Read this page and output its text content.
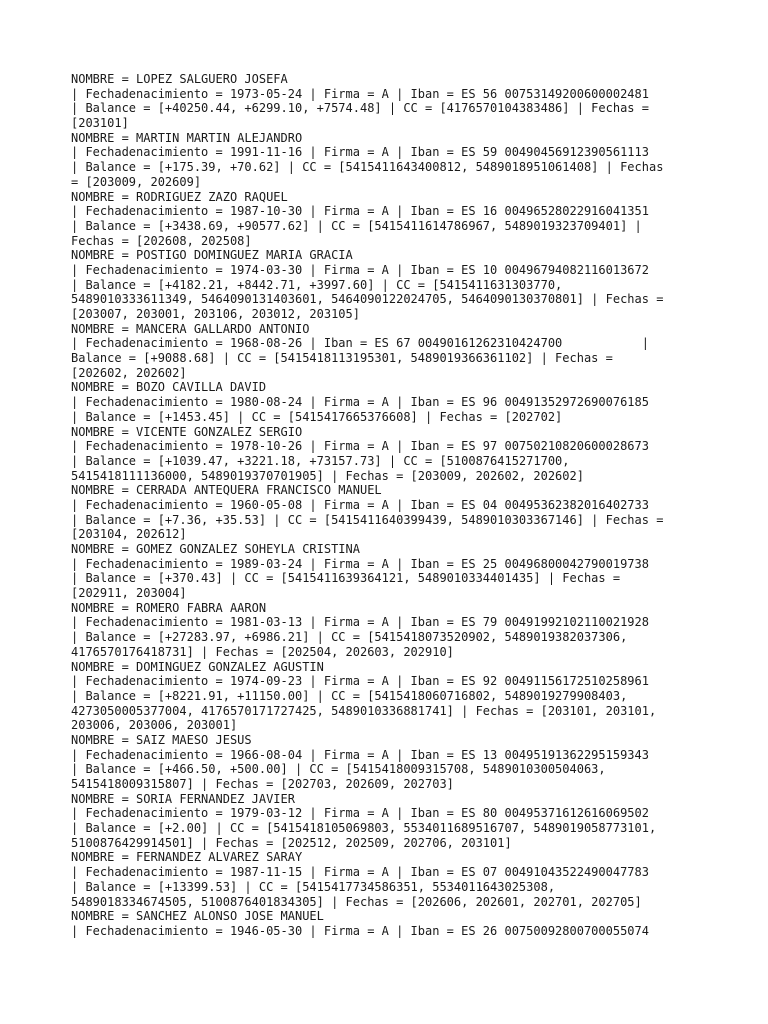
NOMBRE = LOPEZ SALGUERO JOSEFA
| Fechadenacimiento = 1973-05-24 | Firma = A | Iban = ES 56 00753149200600002481
| Balance = [+40250.44, +6299.10, +7574.48] | CC = [4176570104383486] | Fechas =
[203101]
NOMBRE = MARTIN MARTIN ALEJANDRO
| Fechadenacimiento = 1991-11-16 | Firma = A | Iban = ES 59 00490456912390561113
| Balance = [+175.39, +70.62] | CC = [5415411643400812, 5489018951061408] | Fechas
= [203009, 202609]
NOMBRE = RODRIGUEZ ZAZO RAQUEL
| Fechadenacimiento = 1987-10-30 | Firma = A | Iban = ES 16 00496528022916041351
| Balance = [+3438.69, +90577.62] | CC = [5415411614786967, 5489019323709401] |
Fechas = [202608, 202508]
NOMBRE = POSTIGO DOMINGUEZ MARIA GRACIA
| Fechadenacimiento = 1974-03-30 | Firma = A | Iban = ES 10 00496794082116013672
| Balance = [+4182.21, +8442.71, +3997.60] | CC = [5415411631303770,
5489010333611349, 5464090131403601, 5464090122024705, 5464090130370801] | Fechas =
[203007, 203001, 203106, 203012, 203105]
NOMBRE = MANCERA GALLARDO ANTONIO
| Fechadenacimiento = 1968-08-26 | Iban = ES 67 00490161262310424700           |
Balance = [+9088.68] | CC = [5415418113195301, 5489019366361102] | Fechas =
[202602, 202602]
NOMBRE = BOZO CAVILLA DAVID
| Fechadenacimiento = 1980-08-24 | Firma = A | Iban = ES 96 00491352972690076185
| Balance = [+1453.45] | CC = [5415417665376608] | Fechas = [202702]
NOMBRE = VICENTE GONZALEZ SERGIO
| Fechadenacimiento = 1978-10-26 | Firma = A | Iban = ES 97 00750210820600028673
| Balance = [+1039.47, +3221.18, +73157.73] | CC = [5100876415271700,
5415418111136000, 5489019370701905] | Fechas = [203009, 202602, 202602]
NOMBRE = CERRADA ANTEQUERA FRANCISCO MANUEL
| Fechadenacimiento = 1960-05-08 | Firma = A | Iban = ES 04 00495362382016402733
| Balance = [+7.36, +35.53] | CC = [5415411640399439, 5489010303367146] | Fechas =
[203104, 202612]
NOMBRE = GOMEZ GONZALEZ SOHEYLA CRISTINA
| Fechadenacimiento = 1989-03-24 | Firma = A | Iban = ES 25 00496800042790019738
| Balance = [+370.43] | CC = [5415411639364121, 5489010334401435] | Fechas =
[202911, 203004]
NOMBRE = ROMERO FABRA AARON
| Fechadenacimiento = 1981-03-13 | Firma = A | Iban = ES 79 00491992102110021928
| Balance = [+27283.97, +6986.21] | CC = [5415418073520902, 5489019382037306,
4176570176418731] | Fechas = [202504, 202603, 202910]
NOMBRE = DOMINGUEZ GONZALEZ AGUSTIN
| Fechadenacimiento = 1974-09-23 | Firma = A | Iban = ES 92 00491156172510258961
| Balance = [+8221.91, +11150.00] | CC = [5415418060716802, 5489019279908403,
4273050005377004, 4176570171727425, 5489010336881741] | Fechas = [203101, 203101,
203006, 203006, 203001]
NOMBRE = SAIZ MAESO JESUS
| Fechadenacimiento = 1966-08-04 | Firma = A | Iban = ES 13 00495191362295159343
| Balance = [+466.50, +500.00] | CC = [5415418009315708, 5489010300504063,
5415418009315807] | Fechas = [202703, 202609, 202703]
NOMBRE = SORIA FERNANDEZ JAVIER
| Fechadenacimiento = 1979-03-12 | Firma = A | Iban = ES 80 00495371612616069502
| Balance = [+2.00] | CC = [5415418105069803, 5534011689516707, 5489019058773101,
5100876429914501] | Fechas = [202512, 202509, 202706, 203101]
NOMBRE = FERNANDEZ ALVAREZ SARAY
| Fechadenacimiento = 1987-11-15 | Firma = A | Iban = ES 07 00491043522490047783
| Balance = [+13399.53] | CC = [5415417734586351, 5534011643025308,
5489018334674505, 5100876401834305] | Fechas = [202606, 202601, 202701, 202705]
NOMBRE = SANCHEZ ALONSO JOSE MANUEL
| Fechadenacimiento = 1946-05-30 | Firma = A | Iban = ES 26 00750092800700055074
